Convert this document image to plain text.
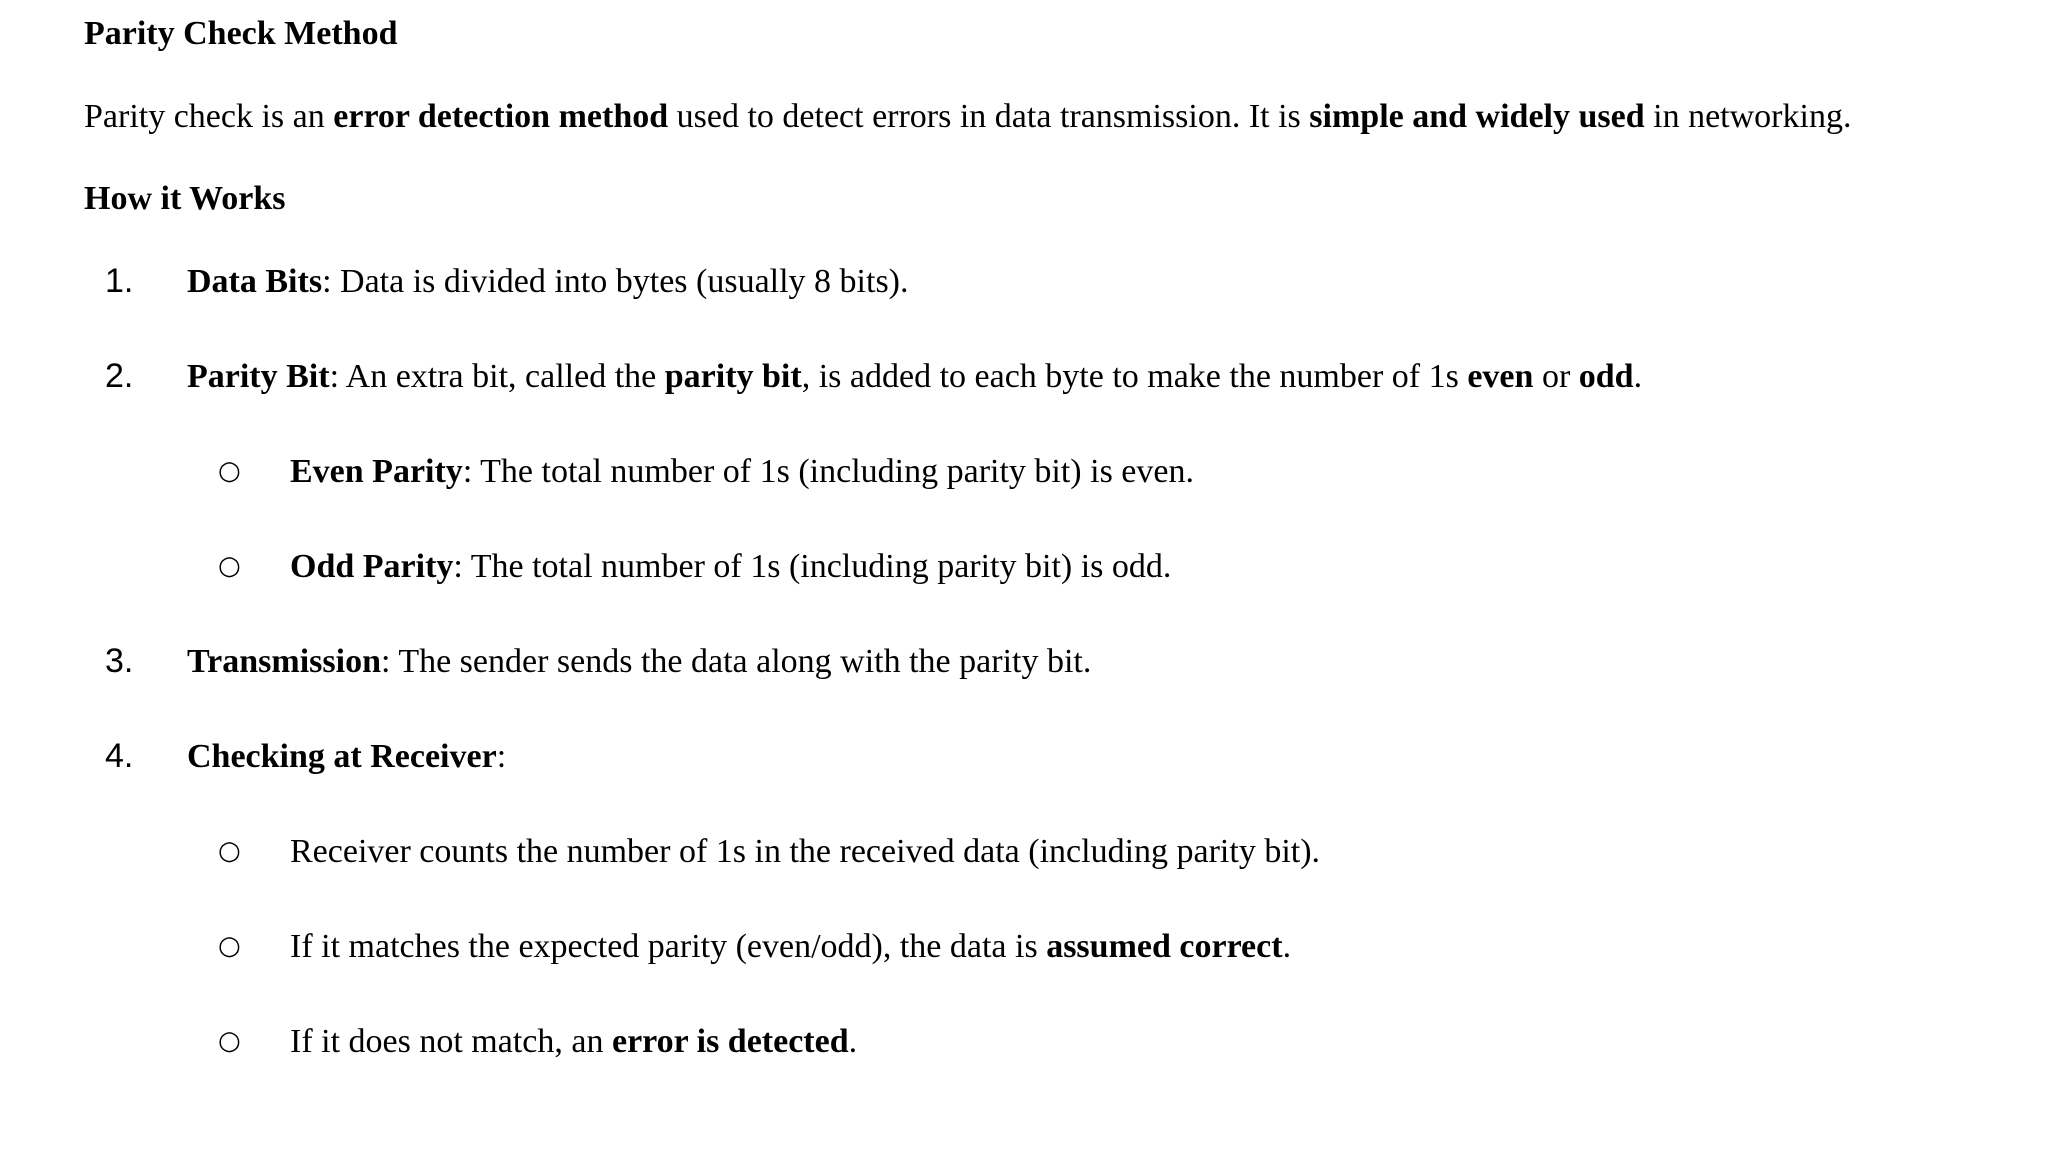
Parity Check Method
Parity check is an error detection method used to detect errors in data transmission. It is simple and widely used in networking.
How it Works
1. Data Bits: Data is divided into bytes (usually 8 bits).
2. Parity Bit: An extra bit, called the parity bit, is added to each byte to make the number of 1s even or odd.
○ Even Parity: The total number of 1s (including parity bit) is even.
○ Odd Parity: The total number of 1s (including parity bit) is odd.
3. Transmission: The sender sends the data along with the parity bit.
4. Checking at Receiver:
○ Receiver counts the number of 1s in the received data (including parity bit).
○ If it matches the expected parity (even/odd), the data is assumed correct.
○ If it does not match, an error is detected.
